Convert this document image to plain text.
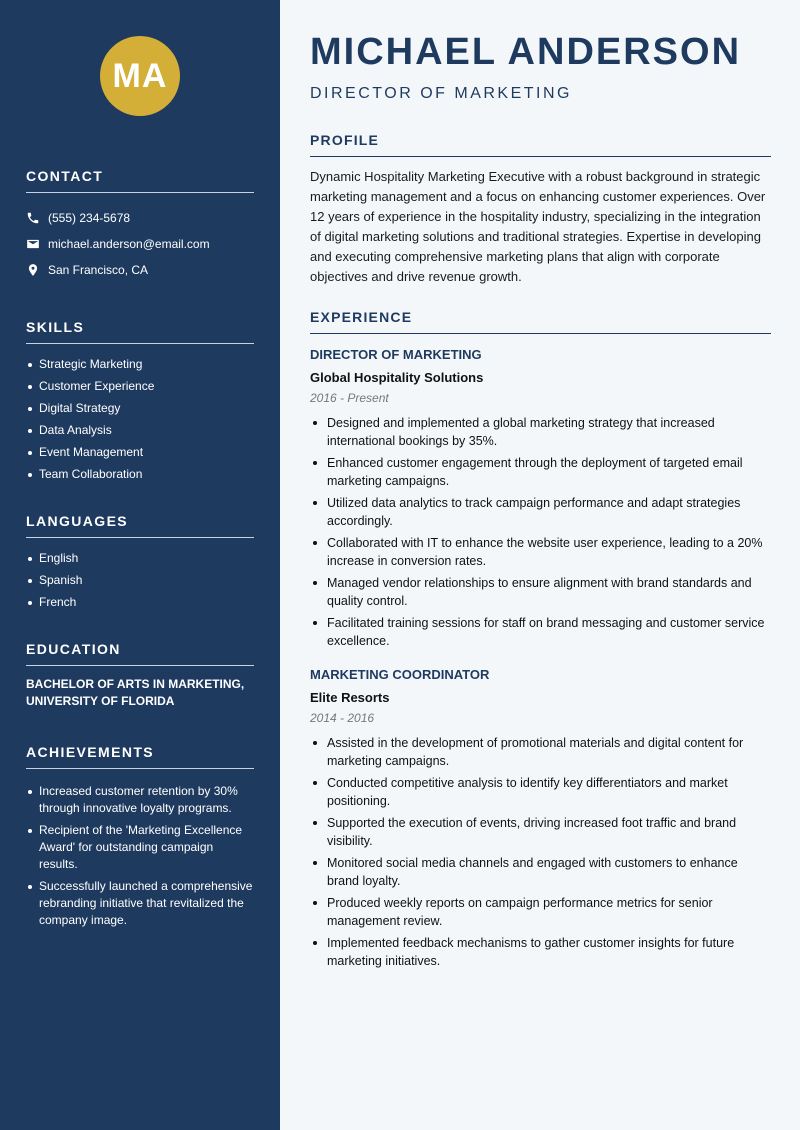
MA
CONTACT
(555) 234-5678
michael.anderson@email.com
San Francisco, CA
SKILLS
Strategic Marketing
Customer Experience
Digital Strategy
Data Analysis
Event Management
Team Collaboration
LANGUAGES
English
Spanish
French
EDUCATION
BACHELOR OF ARTS IN MARKETING, UNIVERSITY OF FLORIDA
ACHIEVEMENTS
Increased customer retention by 30% through innovative loyalty programs.
Recipient of the 'Marketing Excellence Award' for outstanding campaign results.
Successfully launched a comprehensive rebranding initiative that revitalized the company image.
MICHAEL ANDERSON
DIRECTOR OF MARKETING
PROFILE

Dynamic Hospitality Marketing Executive with a robust background in strategic marketing management and a focus on enhancing customer experiences. Over 12 years of experience in the hospitality industry, specializing in the integration of digital marketing solutions and traditional strategies. Expertise in developing and executing comprehensive marketing plans that align with corporate objectives and drive revenue growth.

EXPERIENCE
DIRECTOR OF MARKETING
Global Hospitality Solutions
2016 - Present
Designed and implemented a global marketing strategy that increased international bookings by 35%.
Enhanced customer engagement through the deployment of targeted email marketing campaigns.
Utilized data analytics to track campaign performance and adapt strategies accordingly.
Collaborated with IT to enhance the website user experience, leading to a 20% increase in conversion rates.
Managed vendor relationships to ensure alignment with brand standards and quality control.
Facilitated training sessions for staff on brand messaging and customer service excellence.
MARKETING COORDINATOR
Elite Resorts
2014 - 2016
Assisted in the development of promotional materials and digital content for marketing campaigns.
Conducted competitive analysis to identify key differentiators and market positioning.
Supported the execution of events, driving increased foot traffic and brand visibility.
Monitored social media channels and engaged with customers to enhance brand loyalty.
Produced weekly reports on campaign performance metrics for senior management review.
Implemented feedback mechanisms to gather customer insights for future marketing initiatives.
